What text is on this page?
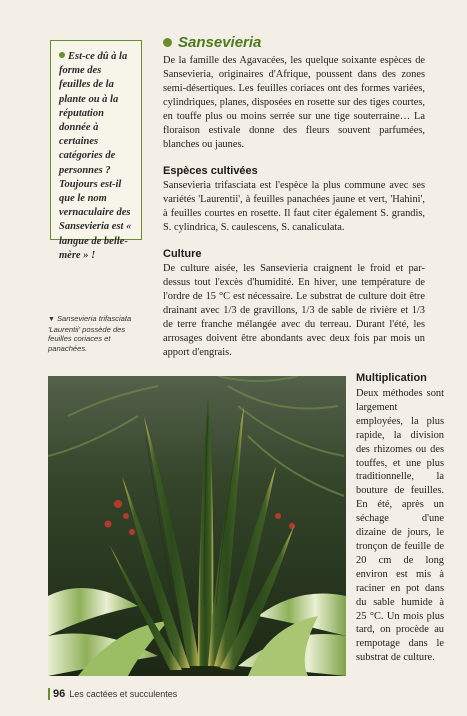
Est-ce dû à la forme des feuilles de la plante ou à la réputation donnée à certaines catégories de personnes ? Toujours est-il que le nom vernaculaire des Sansevieria est « langue de belle-mère » !
▼ Sansevieria trifasciata 'Laurentii' possède des feuilles coriaces et panachées.
Sansevieria
De la famille des Agavacées, les quelque soixante espèces de Sansevieria, originaires d'Afrique, poussent dans des zones semi-désertiques. Les feuilles coriaces ont des formes variées, cylindriques, planes, disposées en rosette sur des tiges courtes, en touffe plus ou moins serrée sur une tige souterraine… La floraison estivale donne des fleurs souvent parfumées, blanches ou jaunes.
Espèces cultivées
Sansevieria trifasciata est l'espèce la plus commune avec ses variétés 'Laurentii', à feuilles panachées jaune et vert, 'Hahini', à feuilles courtes en rosette. Il faut citer également S. grandis, S. cylindrica, S. caulescens, S. canaliculata.
Culture
De culture aisée, les Sansevieria craignent le froid et par-dessus tout l'excès d'humidité. En hiver, une température de l'ordre de 15 °C est nécessaire. Le substrat de culture doit être drainant avec 1/3 de gravillons, 1/3 de sable de rivière et 1/3 de terre franche mélangée avec du terreau. Durant l'été, les arrosages doivent être abondants avec deux fois par mois un apport d'engrais.
Multiplication
Deux méthodes sont largement employées, la plus rapide, la division des rhizomes ou des touffes, et une plus traditionnelle, la bouture de feuilles. En été, après un séchage d'une dizaine de jours, le tronçon de feuille de 20 cm de long environ est mis à raciner en pot dans du sable humide à 25 °C. Un mois plus tard, on procède au rempotage dans le substrat de culture.
96 Les cactées et succulentes
